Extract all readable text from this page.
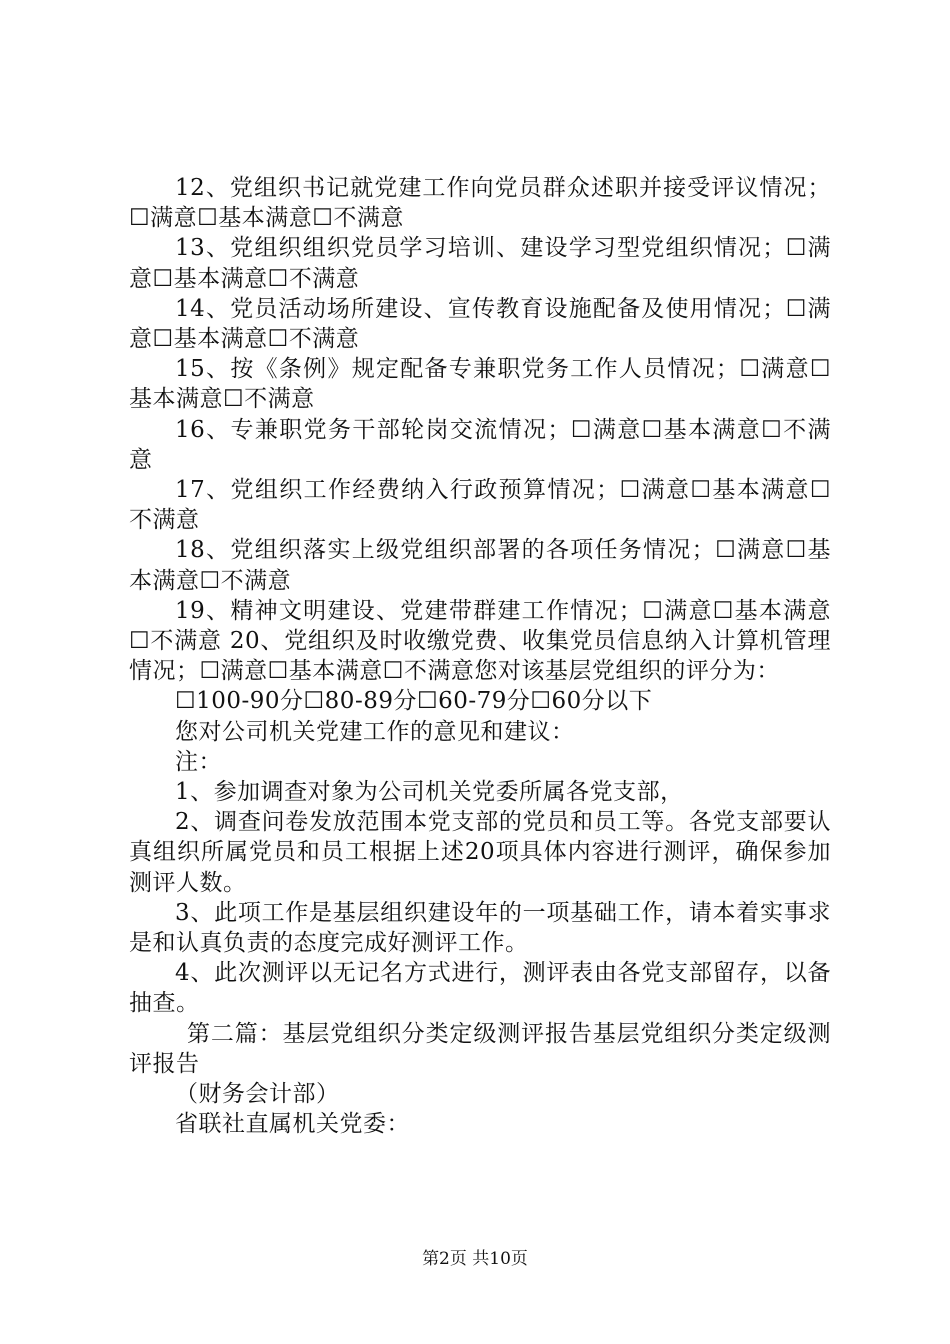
12、党组织书记就党建工作向党员群众述职并接受评议情况；☐满意☐基本满意☐不满意

13、党组织组织党员学习培训、建设学习型党组织情况；☐满意☐基本满意☐不满意

14、党员活动场所建设、宣传教育设施配备及使用情况；☐满意☐基本满意☐不满意

15、按《条例》规定配备专兼职党务工作人员情况；☐满意☐基本满意☐不满意

16、专兼职党务干部轮岗交流情况；☐满意☐基本满意☐不满意

17、党组织工作经费纳入行政预算情况；☐满意☐基本满意☐不满意

18、党组织落实上级党组织部署的各项任务情况；☐满意☐基本满意☐不满意

19、精神文明建设、党建带群建工作情况；☐满意☐基本满意☐不满意 20、党组织及时收缴党费、收集党员信息纳入计算机管理情况；☐满意☐基本满意☐不满意您对该基层党组织的评分为：

☐100-90分☐80-89分☐60-79分☐60分以下

您对公司机关党建工作的意见和建议：

注：

1、参加调查对象为公司机关党委所属各党支部，

2、调查问卷发放范围本党支部的党员和员工等。各党支部要认真组织所属党员和员工根据上述20项具体内容进行测评，确保参加测评人数。

3、此项工作是基层组织建设年的一项基础工作，请本着实事求是和认真负责的态度完成好测评工作。

4、此次测评以无记名方式进行，测评表由各党支部留存，以备抽查。

第二篇：基层党组织分类定级测评报告基层党组织分类定级测评报告

（财务会计部）

省联社直属机关党委：

第2页 共10页
